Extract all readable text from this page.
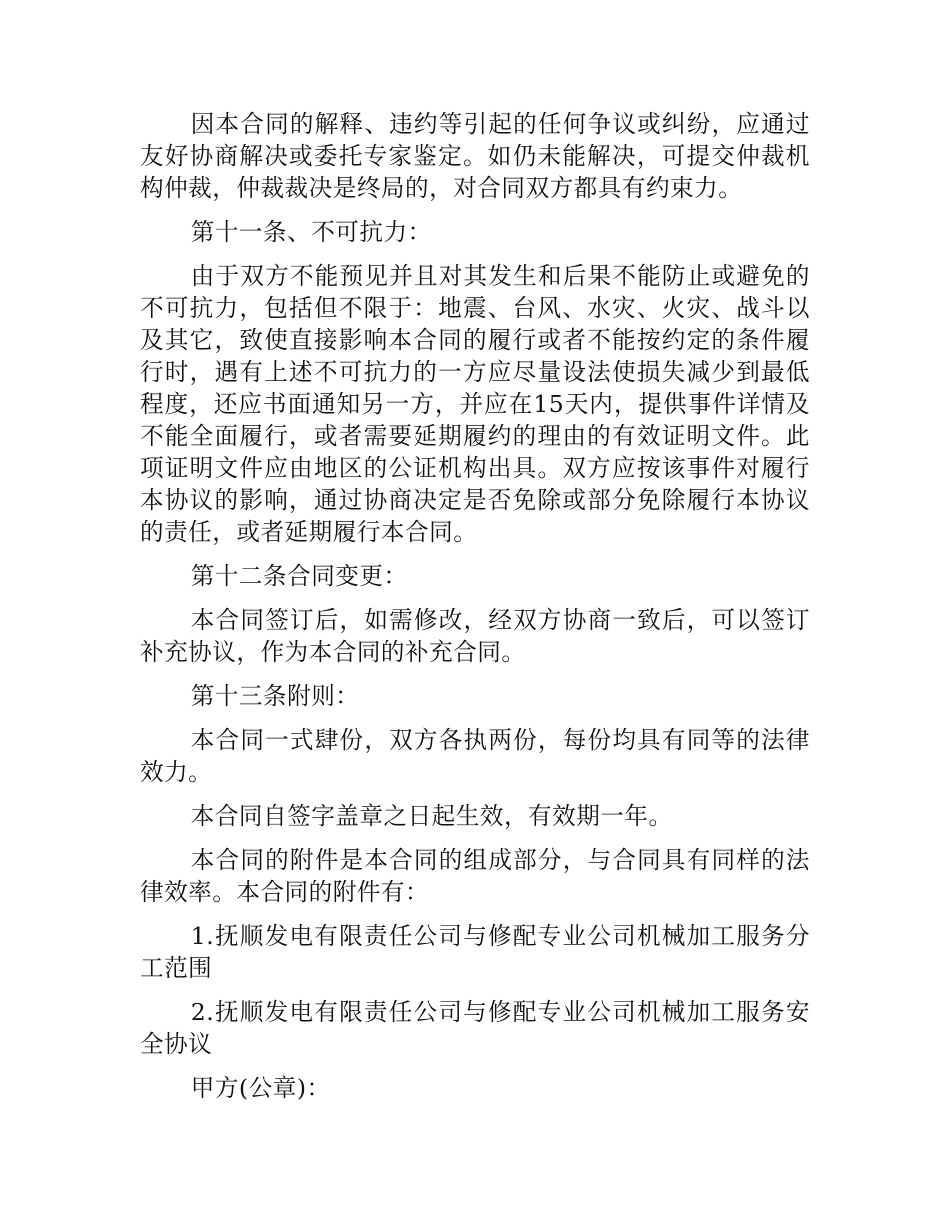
因本合同的解释、违约等引起的任何争议或纠纷，应通过友好协商解决或委托专家鉴定。如仍未能解决，可提交仲裁机构仲裁，仲裁裁决是终局的，对合同双方都具有约束力。

第十一条、不可抗力：

由于双方不能预见并且对其发生和后果不能防止或避免的不可抗力，包括但不限于：地震、台风、水灾、火灾、战斗以及其它，致使直接影响本合同的履行或者不能按约定的条件履行时，遇有上述不可抗力的一方应尽量设法使损失减少到最低程度，还应书面通知另一方，并应在15天内，提供事件详情及不能全面履行，或者需要延期履约的理由的有效证明文件。此项证明文件应由地区的公证机构出具。双方应按该事件对履行本协议的影响，通过协商决定是否免除或部分免除履行本协议的责任，或者延期履行本合同。

第十二条合同变更：

本合同签订后，如需修改，经双方协商一致后，可以签订补充协议，作为本合同的补充合同。

第十三条附则：

本合同一式肆份，双方各执两份，每份均具有同等的法律效力。

本合同自签字盖章之日起生效，有效期一年。

本合同的附件是本合同的组成部分，与合同具有同样的法律效率。本合同的附件有：

1.抚顺发电有限责任公司与修配专业公司机械加工服务分工范围

2.抚顺发电有限责任公司与修配专业公司机械加工服务安全协议

甲方(公章)：
